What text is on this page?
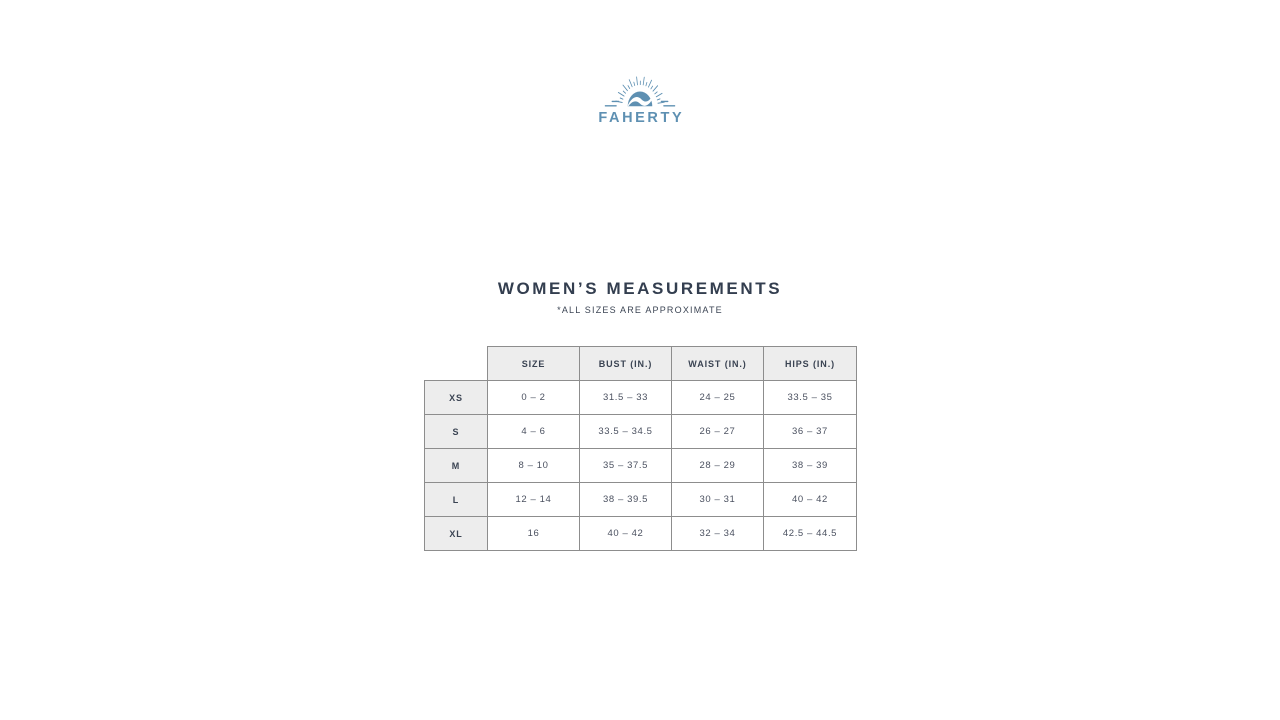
FAHERTY
WOMEN’S MEASUREMENTS

*ALL SIZES ARE APPROXIMATE

	SIZE	BUST (IN.)	WAIST (IN.)	HIPS (IN.)
XS	0 – 2	31.5 – 33	24 – 25	33.5 – 35
S	4 – 6	33.5 – 34.5	26 – 27	36 – 37
M	8 – 10	35 – 37.5	28 – 29	38 – 39
L	12 – 14	38 – 39.5	30 – 31	40 – 42
XL	16	40 – 42	32 – 34	42.5 – 44.5
